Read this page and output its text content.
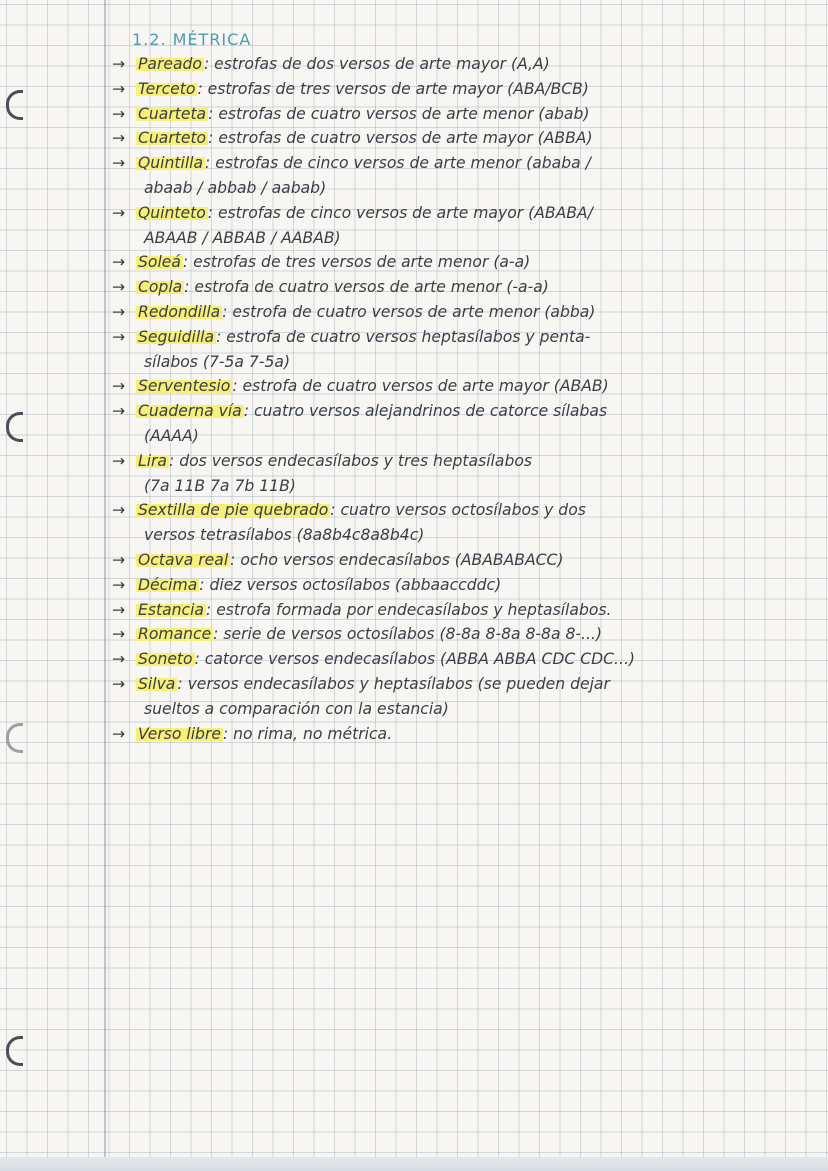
1.2. MÉTRICA
→ Pareado : estrofas de dos versos de arte mayor (A,A)
→ Terceto : estrofas de tres versos de arte mayor (ABA/BCB)
→ Cuarteta : estrofas de cuatro versos de arte menor (abab)
→ Cuarteto : estrofas de cuatro versos de arte mayor (ABBA)
→ Quintilla : estrofas de cinco versos de arte menor (ababa /
abaab / abbab / aabab)
→ Quinteto : estrofas de cinco versos de arte mayor (ABABA/
ABAAB / ABBAB / AABAB)
→ Soleá : estrofas de tres versos de arte menor (a-a)
→ Copla : estrofa de cuatro versos de arte menor (-a-a)
→ Redondilla : estrofa de cuatro versos de arte menor (abba)
→ Seguidilla : estrofa de cuatro versos heptasílabos y penta-
sílabos (7-5a 7-5a)
→ Serventesio : estrofa de cuatro versos de arte mayor (ABAB)
→ Cuaderna vía : cuatro versos alejandrinos de catorce sílabas
(AAAA)
→ Lira : dos versos endecasílabos y tres heptasílabos
(7a 11B 7a 7b 11B)
→ Sextilla de pie quebrado : cuatro versos octosílabos y dos
versos tetrasílabos (8a8b4c8a8b4c)
→ Octava real : ocho versos endecasílabos (ABABABACC)
→ Décima : diez versos octosílabos (abbaaccddc)
→ Estancia : estrofa formada por endecasílabos y heptasílabos.
→ Romance : serie de versos octosílabos (8-8a 8-8a 8-8a 8-...)
→ Soneto : catorce versos endecasílabos (ABBA ABBA CDC CDC...)
→ Silva : versos endecasílabos y heptasílabos (se pueden dejar
sueltos a comparación con la estancia)
→ Verso libre : no rima, no métrica.
